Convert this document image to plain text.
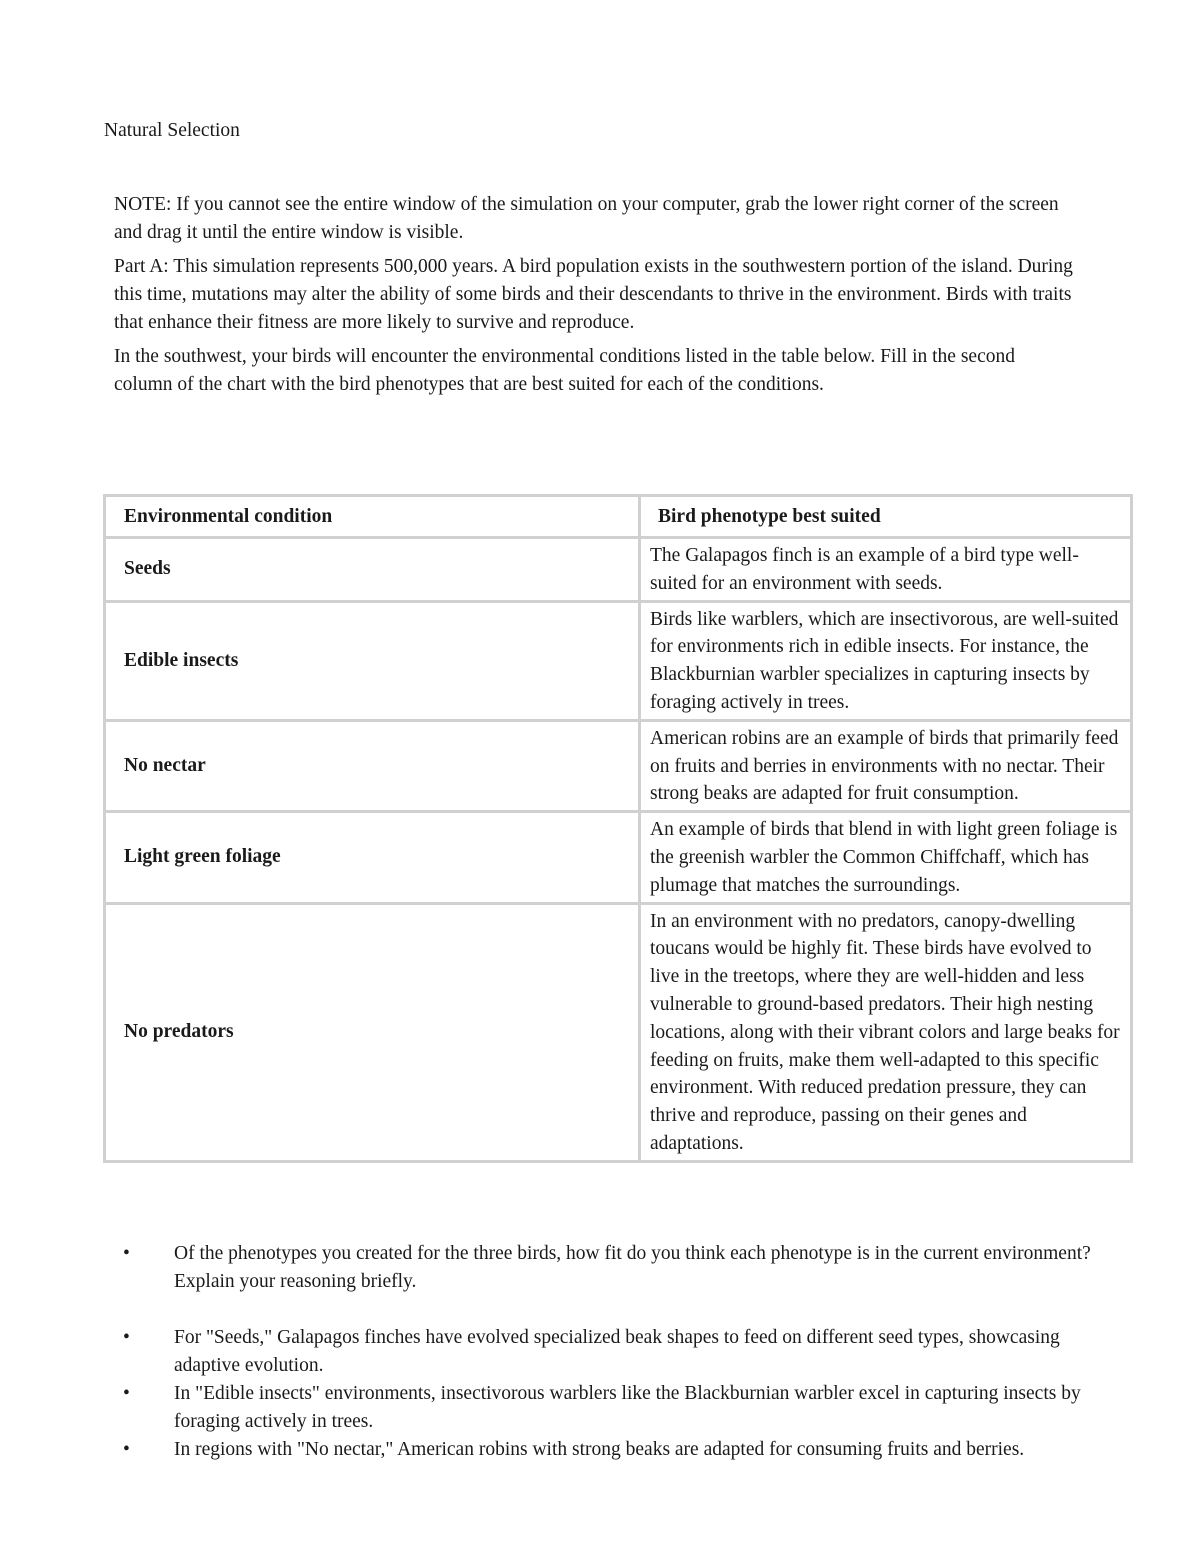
Natural Selection

NOTE: If you cannot see the entire window of the simulation on your computer, grab the lower right corner of the screen and drag it until the entire window is visible.

Part A: This simulation represents 500,000 years. A bird population exists in the southwestern portion of the island. During this time, mutations may alter the ability of some birds and their descendants to thrive in the environment. Birds with traits that enhance their fitness are more likely to survive and reproduce.

In the southwest, your birds will encounter the environmental conditions listed in the table below. Fill in the second column of the chart with the bird phenotypes that are best suited for each of the conditions.

Environmental condition	Bird phenotype best suited
Seeds	The Galapagos finch is an example of a bird type well-suited for an environment with seeds.
Edible insects	Birds like warblers, which are insectivorous, are well-suited for environments rich in edible insects. For instance, the Blackburnian warbler specializes in capturing insects by foraging actively in trees.
No nectar	American robins are an example of birds that primarily feed on fruits and berries in environments with no nectar. Their strong beaks are adapted for fruit consumption.
Light green foliage	An example of birds that blend in with light green foliage is the greenish warbler the Common Chiffchaff, which has plumage that matches the surroundings.
No predators	In an environment with no predators, canopy-dwelling toucans would be highly fit. These birds have evolved to live in the treetops, where they are well-hidden and less vulnerable to ground-based predators. Their high nesting locations, along with their vibrant colors and large beaks for feeding on fruits, make them well-adapted to this specific environment. With reduced predation pressure, they can thrive and reproduce, passing on their genes and adaptations.
• Of the phenotypes you created for the three birds, how fit do you think each phenotype is in the current environment? Explain your reasoning briefly.
• For "Seeds," Galapagos finches have evolved specialized beak shapes to feed on different seed types, showcasing adaptive evolution.
• In "Edible insects" environments, insectivorous warblers like the Blackburnian warbler excel in capturing insects by foraging actively in trees.
• In regions with "No nectar," American robins with strong beaks are adapted for consuming fruits and berries.
